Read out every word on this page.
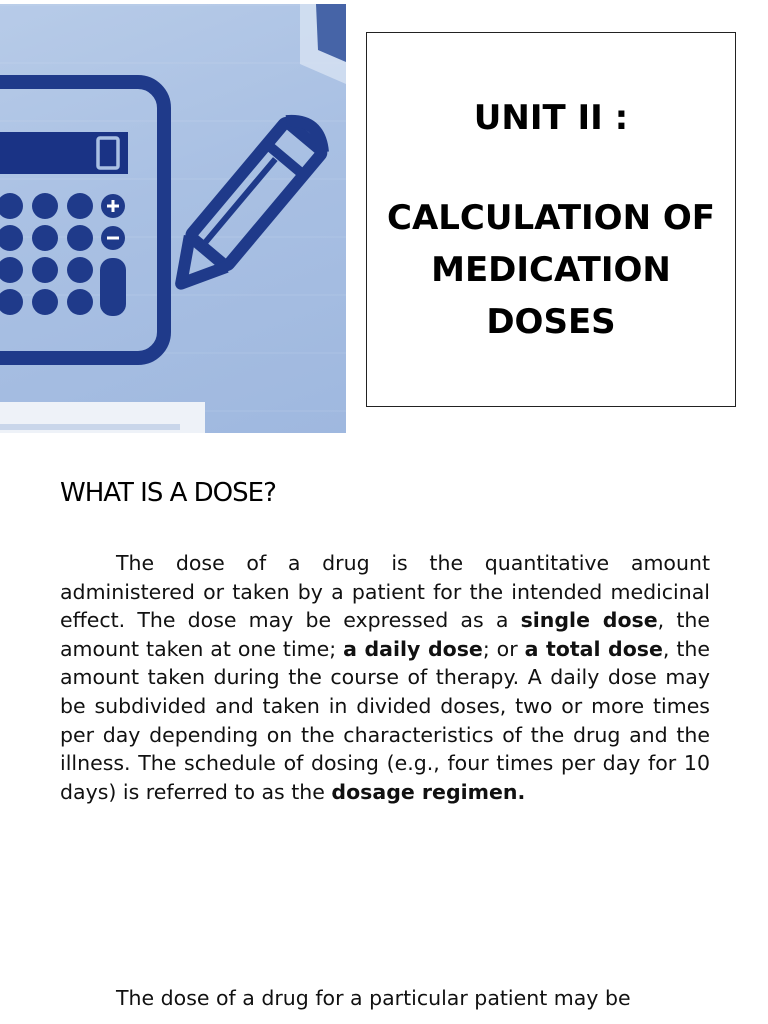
UNIT II :
CALCULATION OF
MEDICATION
DOSES
WHAT IS A DOSE?

The dose of a drug is the quantitative amount administered or taken by a patient for the intended medicinal effect. The dose may be expressed as a single dose, the amount taken at one time; a daily dose; or a total dose, the amount taken during the course of therapy. A daily dose may be subdivided and taken in divided doses, two or more times per day depending on the characteristics of the drug and the illness. The schedule of dosing (e.g., four times per day for 10 days) is referred to as the dosage regimen.

The dose of a drug for a particular patient may be
